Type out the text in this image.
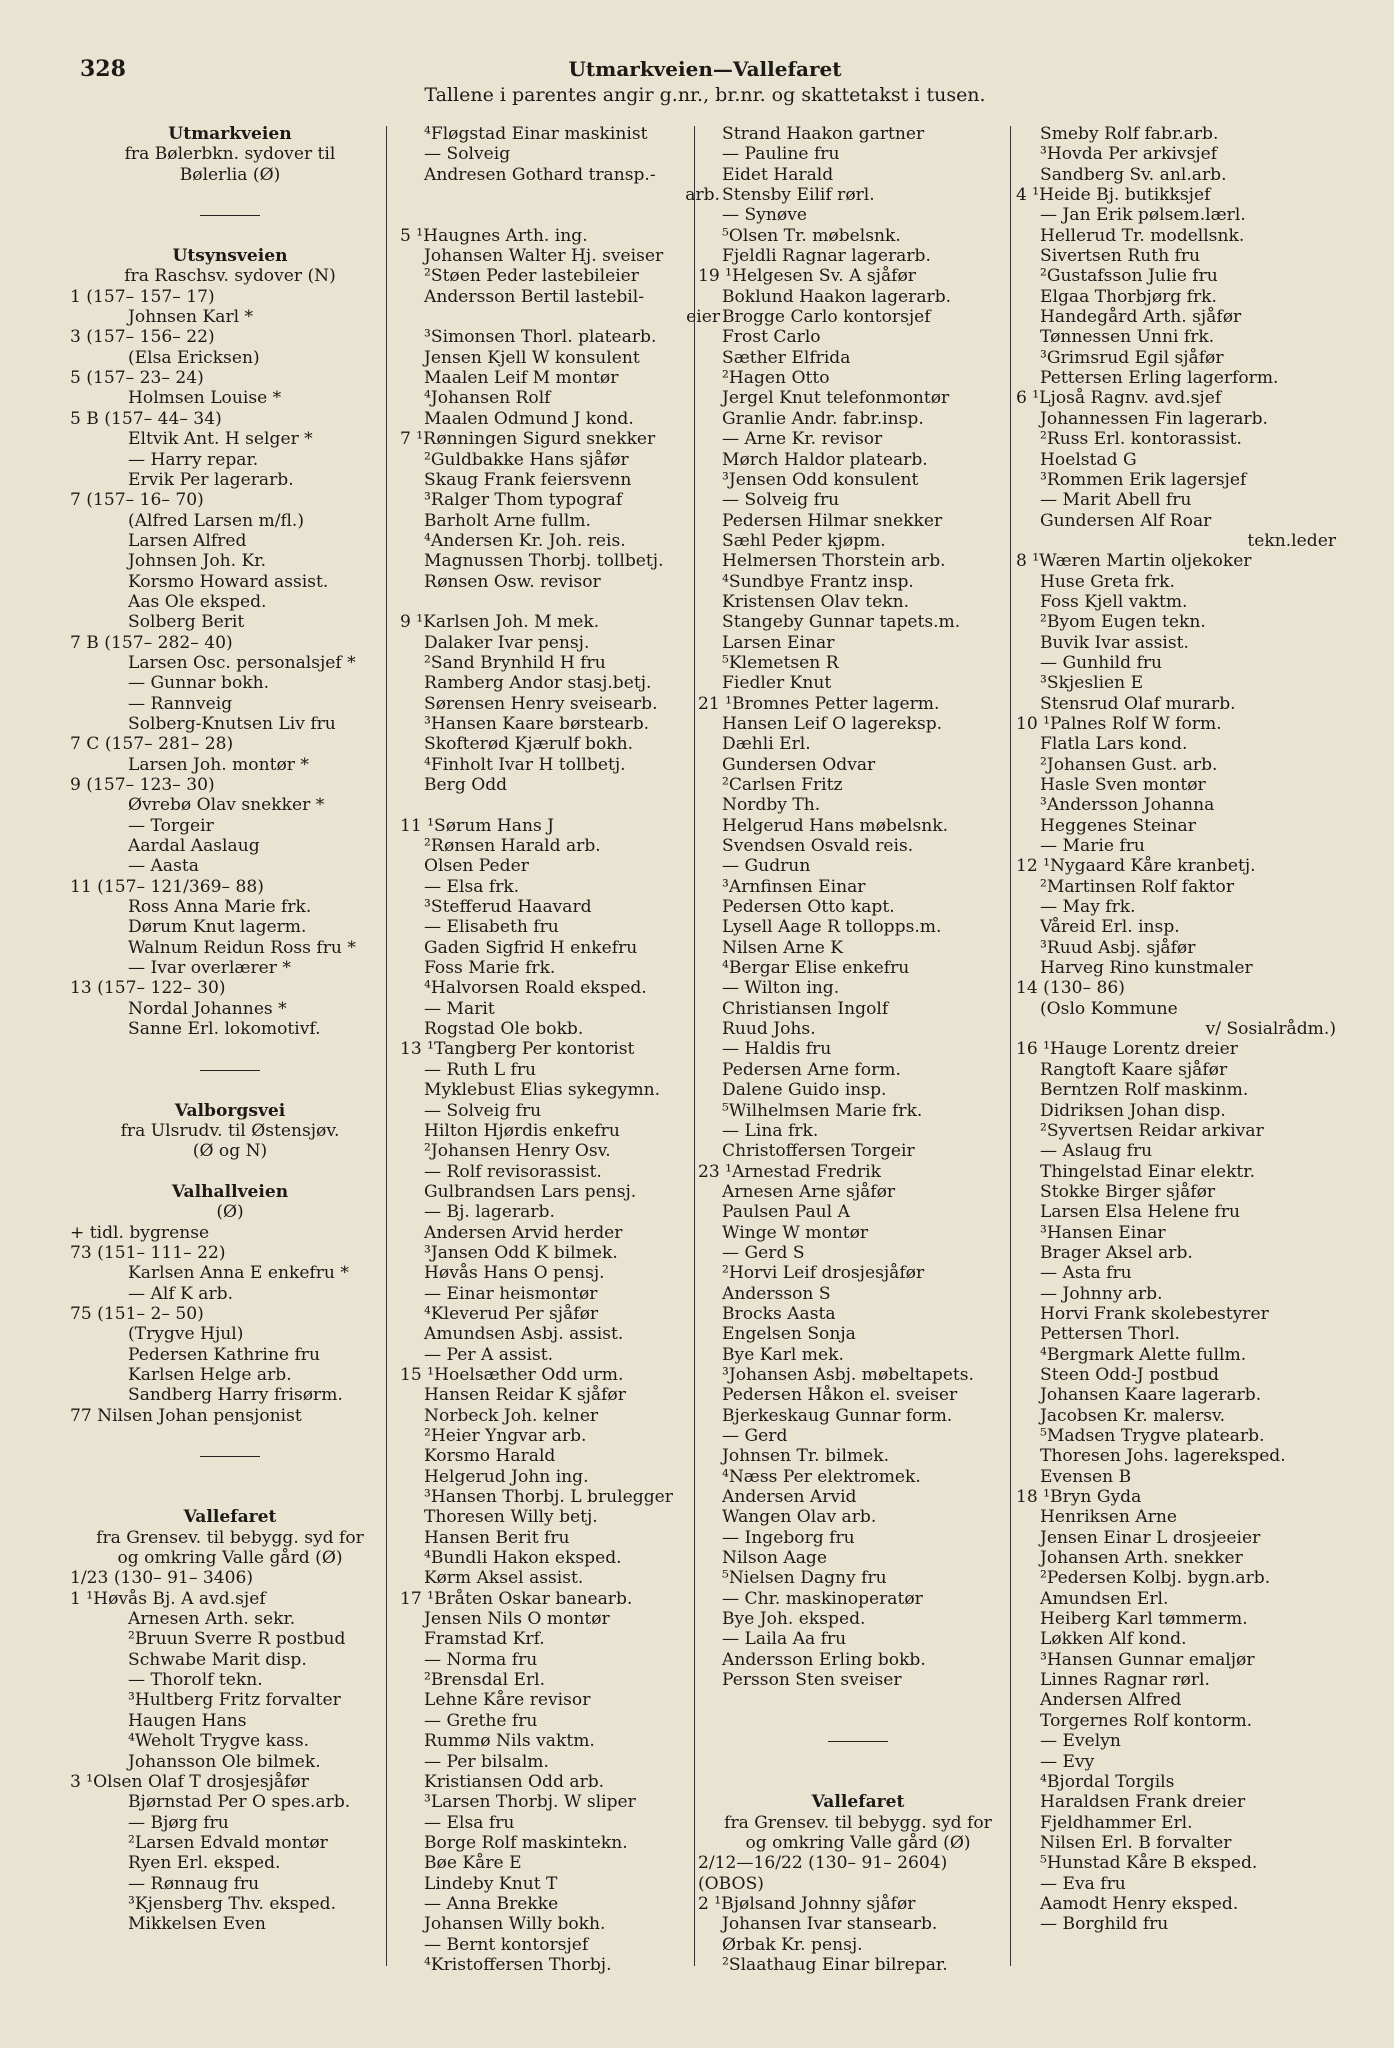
328	Utmarkveien—Vallefaret
Tallene i parentes angir g.nr., br.nr. og skattetakst i tusen.
Utmarkveien
fra Bølerbkn. sydover til
Bølerlia (Ø)
Utsynsveien
fra Raschsv. sydover (N)
1 (157– 157– 17)
Johnsen Karl *
3 (157– 156– 22)
(Elsa Ericksen)
5 (157– 23– 24)
Holmsen Louise *
5 B (157– 44– 34)
Eltvik Ant. H selger *
— Harry repar.
Ervik Per lagerarb.
7 (157– 16– 70)
(Alfred Larsen m/fl.)
Larsen Alfred
Johnsen Joh. Kr.
Korsmo Howard assist.
Aas Ole eksped.
Solberg Berit
7 B (157– 282– 40)
Larsen Osc. personalsjef *
— Gunnar bokh.
— Rannveig
Solberg-Knutsen Liv fru
7 C (157– 281– 28)
Larsen Joh. montør *
9 (157– 123– 30)
Øvrebø Olav snekker *
— Torgeir
Aardal Aaslaug
— Aasta
11 (157– 121/369– 88)
Ross Anna Marie frk.
Dørum Knut lagerm.
Walnum Reidun Ross fru *
— Ivar overlærer *
13 (157– 122– 30)
Nordal Johannes *
Sanne Erl. lokomotivf.
Valborgsvei
fra Ulsrudv. til Østensjøv.
(Ø og N)
Valhallveien
(Ø)
+ tidl. bygrense
73 (151– 111– 22)
Karlsen Anna E enkefru *
— Alf K arb.
75 (151– 2– 50)
(Trygve Hjul)
Pedersen Kathrine fru
Karlsen Helge arb.
Sandberg Harry frisørm.
77 Nilsen Johan pensjonist
Vallefaret
fra Grensev. til bebygg. syd for
og omkring Valle gård (Ø)
1/23 (130– 91– 3406)
1 ¹Høvås Bj. A avd.sjef
Arnesen Arth. sekr.
²Bruun Sverre R postbud
Schwabe Marit disp.
— Thorolf tekn.
³Hultberg Fritz forvalter
Haugen Hans
⁴Weholt Trygve kass.
Johansson Ole bilmek.
3 ¹Olsen Olaf T drosjesjåfør
Bjørnstad Per O spes.arb.
— Bjørg fru
²Larsen Edvald montør
Ryen Erl. eksped.
— Rønnaug fru
³Kjensberg Thv. eksped.
Mikkelsen Even
⁴Fløgstad Einar maskinist
— Solveig
Andresen Gothard transp.-
arb.
5 ¹Haugnes Arth. ing.
Johansen Walter Hj. sveiser
²Støen Peder lastebileier
Andersson Bertil lastebil-
eier
³Simonsen Thorl. platearb.
Jensen Kjell W konsulent
Maalen Leif M montør
⁴Johansen Rolf
Maalen Odmund J kond.
7 ¹Rønningen Sigurd snekker
²Guldbakke Hans sjåfør
Skaug Frank feiersvenn
³Ralger Thom typograf
Barholt Arne fullm.
⁴Andersen Kr. Joh. reis.
Magnussen Thorbj. tollbetj.
Rønsen Osw. revisor
9 ¹Karlsen Joh. M mek.
Dalaker Ivar pensj.
²Sand Brynhild H fru
Ramberg Andor stasj.betj.
Sørensen Henry sveisearb.
³Hansen Kaare børstearb.
Skofterød Kjærulf bokh.
⁴Finholt Ivar H tollbetj.
Berg Odd
11 ¹Sørum Hans J
²Rønsen Harald arb.
Olsen Peder
— Elsa frk.
³Stefferud Haavard
— Elisabeth fru
Gaden Sigfrid H enkefru
Foss Marie frk.
⁴Halvorsen Roald eksped.
— Marit
Rogstad Ole bokb.
13 ¹Tangberg Per kontorist
— Ruth L fru
Myklebust Elias sykegymn.
— Solveig fru
Hilton Hjørdis enkefru
²Johansen Henry Osv.
— Rolf revisorassist.
Gulbrandsen Lars pensj.
— Bj. lagerarb.
Andersen Arvid herder
³Jansen Odd K bilmek.
Høvås Hans O pensj.
— Einar heismontør
⁴Kleverud Per sjåfør
Amundsen Asbj. assist.
— Per A assist.
15 ¹Hoelsæther Odd urm.
Hansen Reidar K sjåfør
Norbeck Joh. kelner
²Heier Yngvar arb.
Korsmo Harald
Helgerud John ing.
³Hansen Thorbj. L brulegger
Thoresen Willy betj.
Hansen Berit fru
⁴Bundli Hakon eksped.
Kørm Aksel assist.
17 ¹Bråten Oskar banearb.
Jensen Nils O montør
Framstad Krf.
— Norma fru
²Brensdal Erl.
Lehne Kåre revisor
— Grethe fru
Rummø Nils vaktm.
— Per bilsalm.
Kristiansen Odd arb.
³Larsen Thorbj. W sliper
— Elsa fru
Borge Rolf maskintekn.
Bøe Kåre E
Lindeby Knut T
— Anna Brekke
Johansen Willy bokh.
— Bernt kontorsjef
⁴Kristoffersen Thorbj.
Strand Haakon gartner
— Pauline fru
Eidet Harald
Stensby Eilif rørl.
— Synøve
⁵Olsen Tr. møbelsnk.
Fjeldli Ragnar lagerarb.
19 ¹Helgesen Sv. A sjåfør
Boklund Haakon lagerarb.
Brogge Carlo kontorsjef
Frost Carlo
Sæther Elfrida
²Hagen Otto
Jergel Knut telefonmontør
Granlie Andr. fabr.insp.
— Arne Kr. revisor
Mørch Haldor platearb.
³Jensen Odd konsulent
— Solveig fru
Pedersen Hilmar snekker
Sæhl Peder kjøpm.
Helmersen Thorstein arb.
⁴Sundbye Frantz insp.
Kristensen Olav tekn.
Stangeby Gunnar tapets.m.
Larsen Einar
⁵Klemetsen R
Fiedler Knut
21 ¹Bromnes Petter lagerm.
Hansen Leif O lagereksp.
Dæhli Erl.
Gundersen Odvar
²Carlsen Fritz
Nordby Th.
Helgerud Hans møbelsnk.
Svendsen Osvald reis.
— Gudrun
³Arnfinsen Einar
Pedersen Otto kapt.
Lysell Aage R tollopps.m.
Nilsen Arne K
⁴Bergar Elise enkefru
— Wilton ing.
Christiansen Ingolf
Ruud Johs.
— Haldis fru
Pedersen Arne form.
Dalene Guido insp.
⁵Wilhelmsen Marie frk.
— Lina frk.
Christoffersen Torgeir
23 ¹Arnestad Fredrik
Arnesen Arne sjåfør
Paulsen Paul A
Winge W montør
— Gerd S
²Horvi Leif drosjesjåfør
Andersson S
Brocks Aasta
Engelsen Sonja
Bye Karl mek.
³Johansen Asbj. møbeltapets.
Pedersen Håkon el. sveiser
Bjerkeskaug Gunnar form.
— Gerd
Johnsen Tr. bilmek.
⁴Næss Per elektromek.
Andersen Arvid
Wangen Olav arb.
— Ingeborg fru
Nilson Aage
⁵Nielsen Dagny fru
— Chr. maskinoperatør
Bye Joh. eksped.
— Laila Aa fru
Andersson Erling bokb.
Persson Sten sveiser
Vallefaret
fra Grensev. til bebygg. syd for
og omkring Valle gård (Ø)
2/12—16/22 (130– 91– 2604)
(OBOS)
2 ¹Bjølsand Johnny sjåfør
Johansen Ivar stansearb.
Ørbak Kr. pensj.
²Slaathaug Einar bilrepar.
Smeby Rolf fabr.arb.
³Hovda Per arkivsjef
Sandberg Sv. anl.arb.
4 ¹Heide Bj. butikksjef
— Jan Erik pølsem.lærl.
Hellerud Tr. modellsnk.
Sivertsen Ruth fru
²Gustafsson Julie fru
Elgaa Thorbjørg frk.
Handegård Arth. sjåfør
Tønnessen Unni frk.
³Grimsrud Egil sjåfør
Pettersen Erling lagerform.
6 ¹Ljoså Ragnv. avd.sjef
Johannessen Fin lagerarb.
²Russ Erl. kontorassist.
Hoelstad G
³Rommen Erik lagersjef
— Marit Abell fru
Gundersen Alf Roar
tekn.leder
8 ¹Wæren Martin oljekoker
Huse Greta frk.
Foss Kjell vaktm.
²Byom Eugen tekn.
Buvik Ivar assist.
— Gunhild fru
³Skjeslien E
Stensrud Olaf murarb.
10 ¹Palnes Rolf W form.
Flatla Lars kond.
²Johansen Gust. arb.
Hasle Sven montør
³Andersson Johanna
Heggenes Steinar
— Marie fru
12 ¹Nygaard Kåre kranbetj.
²Martinsen Rolf faktor
— May frk.
Våreid Erl. insp.
³Ruud Asbj. sjåfør
Harveg Rino kunstmaler
14 (130– 86)
(Oslo Kommune
v/ Sosialrådm.)
16 ¹Hauge Lorentz dreier
Rangtoft Kaare sjåfør
Berntzen Rolf maskinm.
Didriksen Johan disp.
²Syvertsen Reidar arkivar
— Aslaug fru
Thingelstad Einar elektr.
Stokke Birger sjåfør
Larsen Elsa Helene fru
³Hansen Einar
Brager Aksel arb.
— Asta fru
— Johnny arb.
Horvi Frank skolebestyrer
Pettersen Thorl.
⁴Bergmark Alette fullm.
Steen Odd-J postbud
Johansen Kaare lagerarb.
Jacobsen Kr. malersv.
⁵Madsen Trygve platearb.
Thoresen Johs. lagereksped.
Evensen B
18 ¹Bryn Gyda
Henriksen Arne
Jensen Einar L drosjeeier
Johansen Arth. snekker
²Pedersen Kolbj. bygn.arb.
Amundsen Erl.
Heiberg Karl tømmerm.
Løkken Alf kond.
³Hansen Gunnar emaljør
Linnes Ragnar rørl.
Andersen Alfred
Torgernes Rolf kontorm.
— Evelyn
— Evy
⁴Bjordal Torgils
Haraldsen Frank dreier
Fjeldhammer Erl.
Nilsen Erl. B forvalter
⁵Hunstad Kåre B eksped.
— Eva fru
Aamodt Henry eksped.
— Borghild fru
